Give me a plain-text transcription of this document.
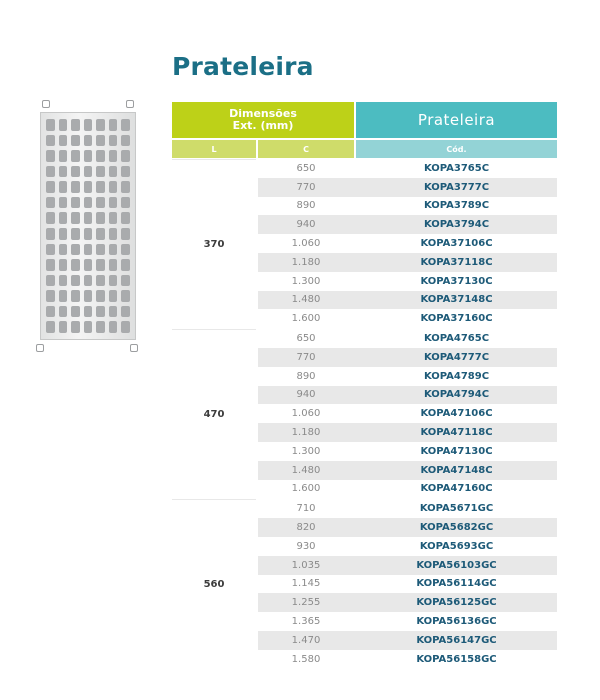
Prateleira
Dimensões
Ext. (mm)	Prateleira
L	C	Cód.
370
650	KOPA3765C
770	KOPA3777C
890	KOPA3789C
940	KOPA3794C
1.060	KOPA37106C
1.180	KOPA37118C
1.300	KOPA37130C
1.480	KOPA37148C
1.600	KOPA37160C
470
650	KOPA4765C
770	KOPA4777C
890	KOPA4789C
940	KOPA4794C
1.060	KOPA47106C
1.180	KOPA47118C
1.300	KOPA47130C
1.480	KOPA47148C
1.600	KOPA47160C
560
710	KOPA5671GC
820	KOPA5682GC
930	KOPA5693GC
1.035	KOPA56103GC
1.145	KOPA56114GC
1.255	KOPA56125GC
1.365	KOPA56136GC
1.470	KOPA56147GC
1.580	KOPA56158GC
